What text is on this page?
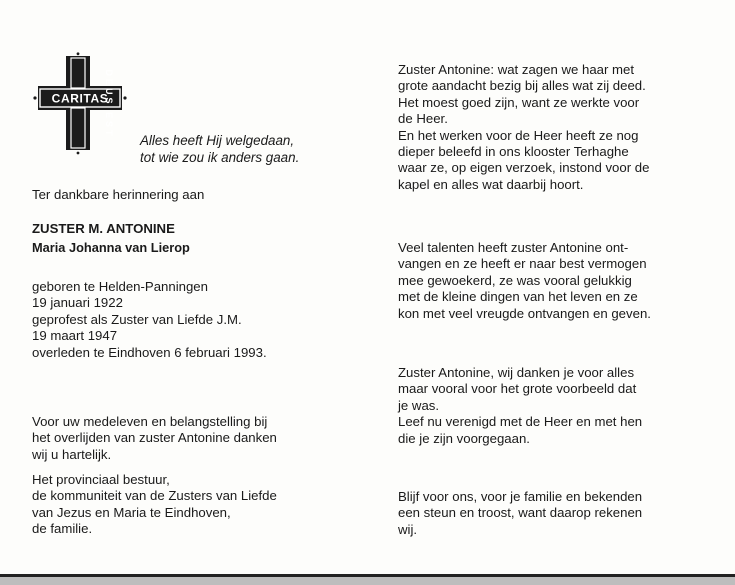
CARITAS
DEUS EST
Alles heeft Hij welgedaan,
tot wie zou ik anders gaan.
Ter dankbare herinnering aan
ZUSTER M. ANTONINE
Maria Johanna van Lierop
geboren te Helden-Panningen
19 januari 1922
geprofest als Zuster van Liefde J.M.
19 maart 1947
overleden te Eindhoven 6 februari 1993.
Voor uw medeleven en belangstelling bij
het overlijden van zuster Antonine danken
wij u hartelijk.
Het provinciaal bestuur,
de kommuniteit van de Zusters van Liefde
van Jezus en Maria te Eindhoven,
de familie.
Zuster Antonine: wat zagen we haar met
grote aandacht bezig bij alles wat zij deed.
Het moest goed zijn, want ze werkte voor
de Heer.
En het werken voor de Heer heeft ze nog
dieper beleefd in ons klooster Terhaghe
waar ze, op eigen verzoek, instond voor de
kapel en alles wat daarbij hoort.
Veel talenten heeft zuster Antonine ont-
vangen en ze heeft er naar best vermogen
mee gewoekerd, ze was vooral gelukkig
met de kleine dingen van het leven en ze
kon met veel vreugde ontvangen en geven.
Zuster Antonine, wij danken je voor alles
maar vooral voor het grote voorbeeld dat
je was.
Leef nu verenigd met de Heer en met hen
die je zijn voorgegaan.
Blijf voor ons, voor je familie en bekenden
een steun en troost, want daarop rekenen
wij.
